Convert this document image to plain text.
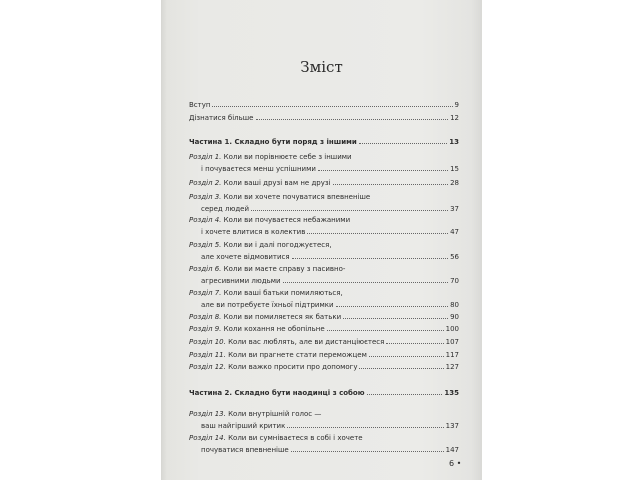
Зміст
Вступ	9
Дізнатися більше	12
Частина 1. Складно бути поряд з іншими	13
Розділ 1. Коли ви порівнюєте себе з іншими
і почуваєтеся менш успішними	15
Розділ 2. Коли ваші друзі вам не друзі	28
Розділ 3. Коли ви хочете почуватися впевненіше
серед людей	37
Розділ 4. Коли ви почуваєтеся небажаними
і хочете влитися в колектив	47
Розділ 5. Коли ви і далі погоджуєтеся,
але хочете відмовитися	56
Розділ 6. Коли ви маєте справу з пасивно-
агресивними людьми	70
Розділ 7. Коли ваші батьки помиляються,
але ви потребуєте їхньої підтримки	80
Розділ 8. Коли ви помиляєтеся як батьки	90
Розділ 9. Коли кохання не обопільне	100
Розділ 10. Коли вас люблять, але ви дистанціюєтеся	107
Розділ 11. Коли ви прагнете стати переможцем	117
Розділ 12. Коли важко просити про допомогу	127
Частина 2. Складно бути наодинці з собою	135
Розділ 13. Коли внутрішній голос —
ваш найгірший критик	137
Розділ 14. Коли ви сумніваєтеся в собі і хочете
почуватися впевненіше	147
6 •
